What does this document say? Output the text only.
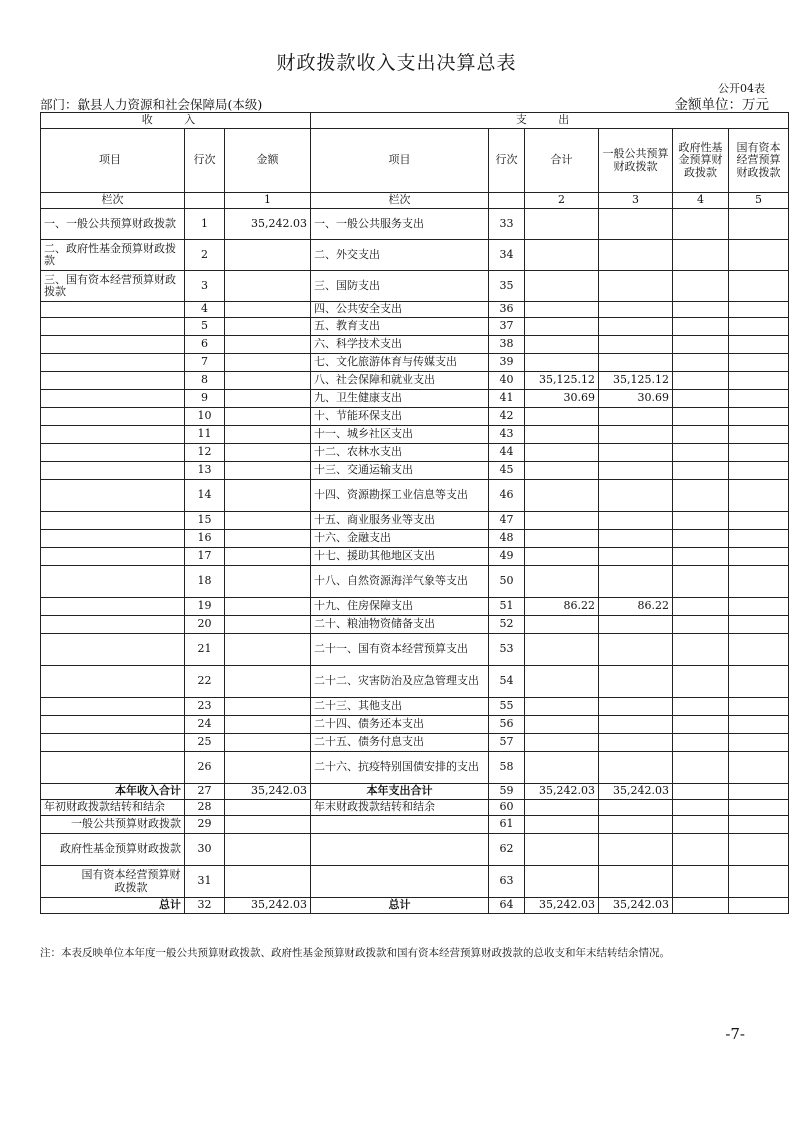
财政拨款收入支出决算总表
公开04表
部门：歙县人力资源和社会保障局(本级)	金额单位：万元
收 入			支 出					
项目	行次	金额	项目	行次	合计	一般公共预算财政拨款	政府性基金预算财政拨款	国有资本经营预算财政拨款
栏次		1	栏次		2	3	4	5
一、一般公共预算财政拨款	1	35,242.03	一、一般公共服务支出	33				
二、政府性基金预算财政拨款	2		二、外交支出	34				
三、国有资本经营预算财政拨款	3		三、国防支出	35				
	4		四、公共安全支出	36				
	5		五、教育支出	37				
	6		六、科学技术支出	38				
	7		七、文化旅游体育与传媒支出	39				
	8		八、社会保障和就业支出	40	35,125.12	35,125.12		
	9		九、卫生健康支出	41	30.69	30.69		
	10		十、节能环保支出	42				
	11		十一、城乡社区支出	43				
	12		十二、农林水支出	44				
	13		十三、交通运输支出	45				
	14		十四、资源勘探工业信息等支出	46				
	15		十五、商业服务业等支出	47				
	16		十六、金融支出	48				
	17		十七、援助其他地区支出	49				
	18		十八、自然资源海洋气象等支出	50				
	19		十九、住房保障支出	51	86.22	86.22		
	20		二十、粮油物资储备支出	52				
	21		二十一、国有资本经营预算支出	53				
	22		二十二、灾害防治及应急管理支出	54				
	23		二十三、其他支出	55				
	24		二十四、债务还本支出	56				
	25		二十五、债务付息支出	57				
	26		二十六、抗疫特别国债安排的支出	58				
本年收入合计	27	35,242.03	本年支出合计	59	35,242.03	35,242.03		
年初财政拨款结转和结余	28		年末财政拨款结转和结余	60				
一般公共预算财政拨款	29			61				
政府性基金预算财政拨款	30			62				
国有资本经营预算财政拨款	31			63				
总计	32	35,242.03	总计	64	35,242.03	35,242.03		
注：本表反映单位本年度一般公共预算财政拨款、政府性基金预算财政拨款和国有资本经营预算财政拨款的总收支和年末结转结余情况。
-7-
